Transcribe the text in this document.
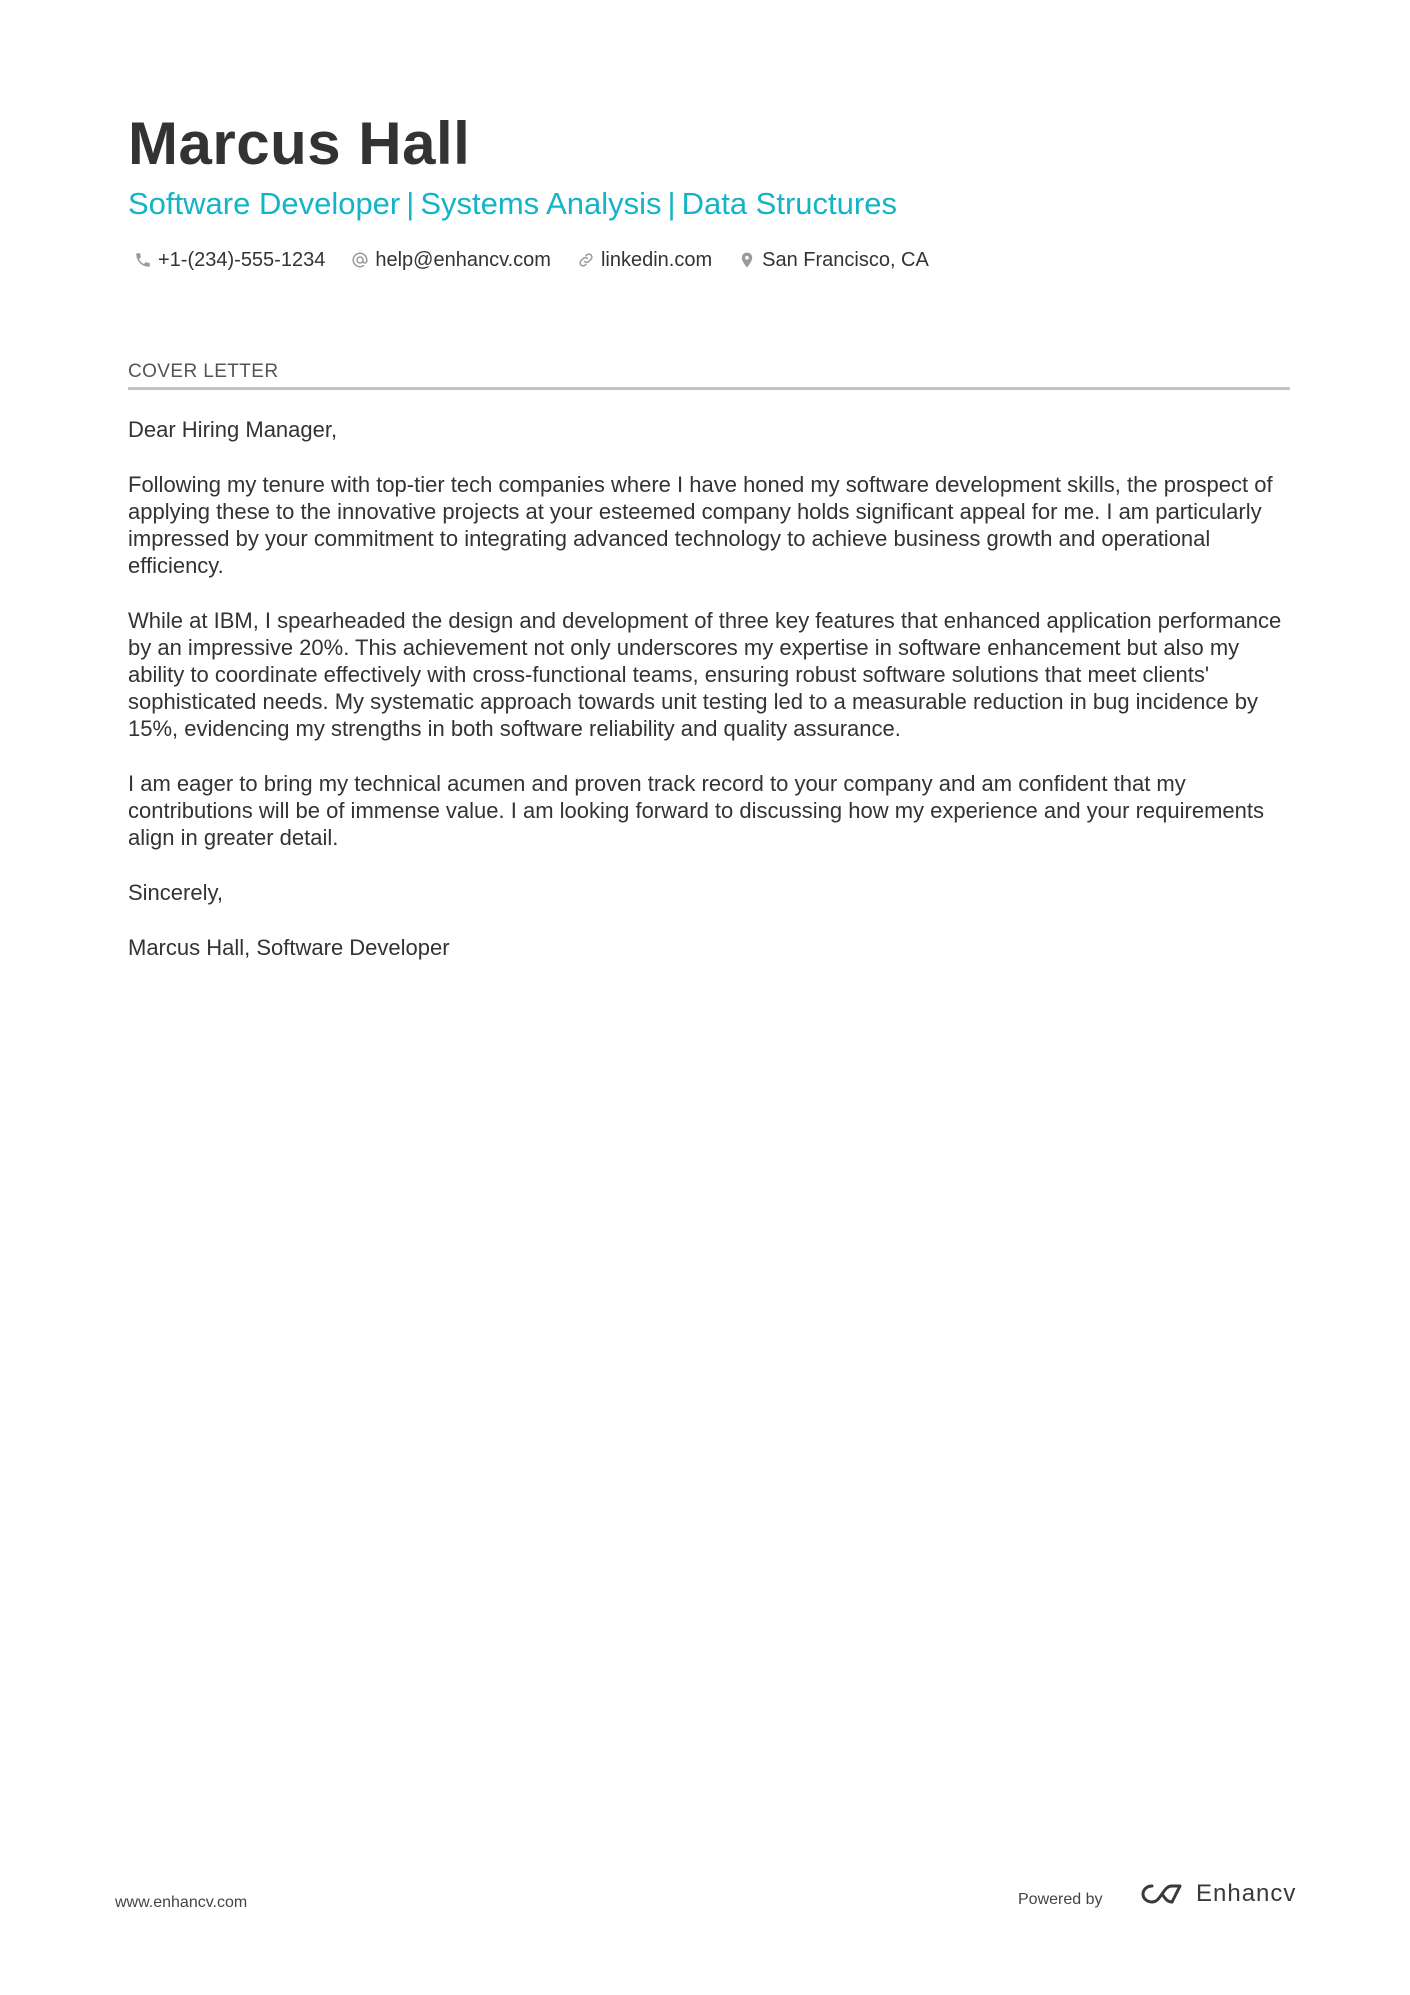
Marcus Hall
Software Developer | Systems Analysis | Data Structures
+1-(234)-555-1234	help@enhancv.com	linkedin.com	San Francisco, CA
COVER LETTER

Dear Hiring Manager,

Following my tenure with top-tier tech companies where I have honed my software development skills, the prospect of applying these to the innovative projects at your esteemed company holds significant appeal for me. I am particularly impressed by your commitment to integrating advanced technology to achieve business growth and operational efficiency.

While at IBM, I spearheaded the design and development of three key features that enhanced application performance by an impressive 20%. This achievement not only underscores my expertise in software enhancement but also my ability to coordinate effectively with cross-functional teams, ensuring robust software solutions that meet clients' sophisticated needs. My systematic approach towards unit testing led to a measurable reduction in bug incidence by 15%, evidencing my strengths in both software reliability and quality assurance.

I am eager to bring my technical acumen and proven track record to your company and am confident that my contributions will be of immense value. I am looking forward to discussing how my experience and your requirements align in greater detail.

Sincerely,

Marcus Hall, Software Developer

www.enhancv.com	Powered by	Enhancv
